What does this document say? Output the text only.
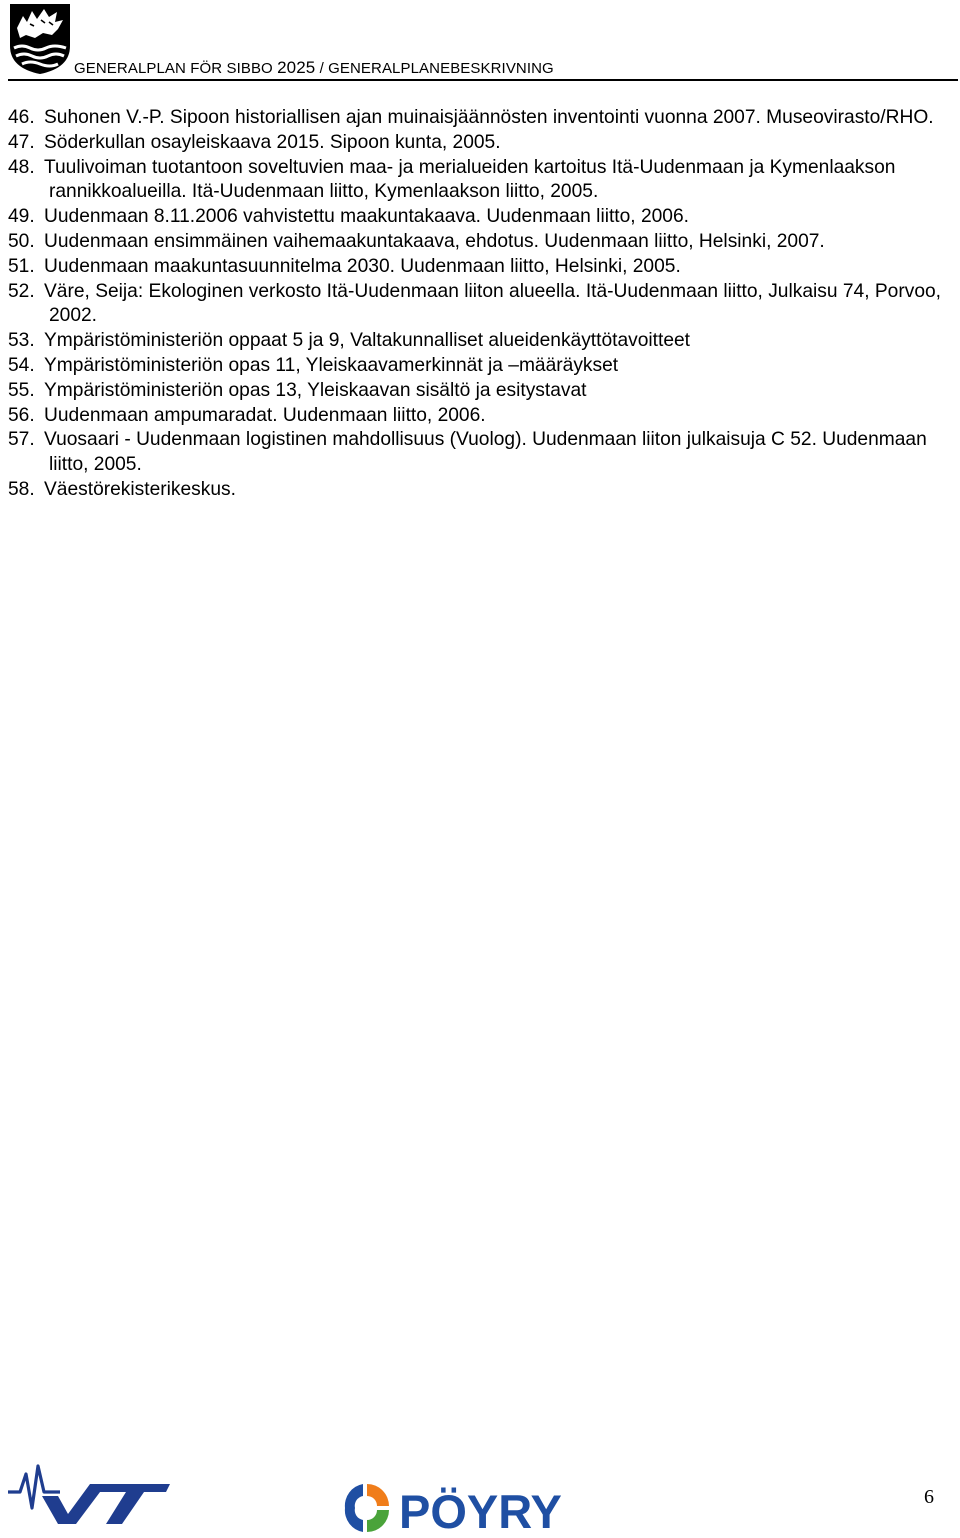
GENERALPLAN FÖR SIBBO 2025 / GENERALPLANEBESKRIVNING
46. Suhonen V.-P. Sipoon historiallisen ajan muinaisjäännösten inventointi vuonna 2007. Museovirasto/RHO.
47. Söderkullan osayleiskaava 2015. Sipoon kunta, 2005.
48. Tuulivoiman tuotantoon soveltuvien maa- ja merialueiden kartoitus Itä-Uudenmaan ja Kymenlaakson rannikkoalueilla. Itä-Uudenmaan liitto, Kymenlaakson liitto, 2005.
49. Uudenmaan 8.11.2006 vahvistettu maakuntakaava. Uudenmaan liitto, 2006.
50. Uudenmaan ensimmäinen vaihemaakuntakaava, ehdotus. Uudenmaan liitto, Helsinki, 2007.
51. Uudenmaan maakuntasuunnitelma 2030. Uudenmaan liitto, Helsinki, 2005.
52. Väre, Seija: Ekologinen verkosto Itä-Uudenmaan liiton alueella. Itä-Uudenmaan liitto, Julkaisu 74, Porvoo, 2002.
53. Ympäristöministeriön oppaat 5 ja 9, Valtakunnalliset alueidenkäyttötavoitteet
54. Ympäristöministeriön opas 11, Yleiskaavamerkinnät ja –määräykset
55. Ympäristöministeriön opas 13, Yleiskaavan sisältö ja esitystavat
56. Uudenmaan ampumaradat. Uudenmaan liitto, 2006.
57. Vuosaari - Uudenmaan logistinen mahdollisuus (Vuolog). Uudenmaan liiton julkaisuja C 52. Uudenmaan liitto, 2005.
58. Väestörekisterikeskus.
VTT
PÖYRY	6
